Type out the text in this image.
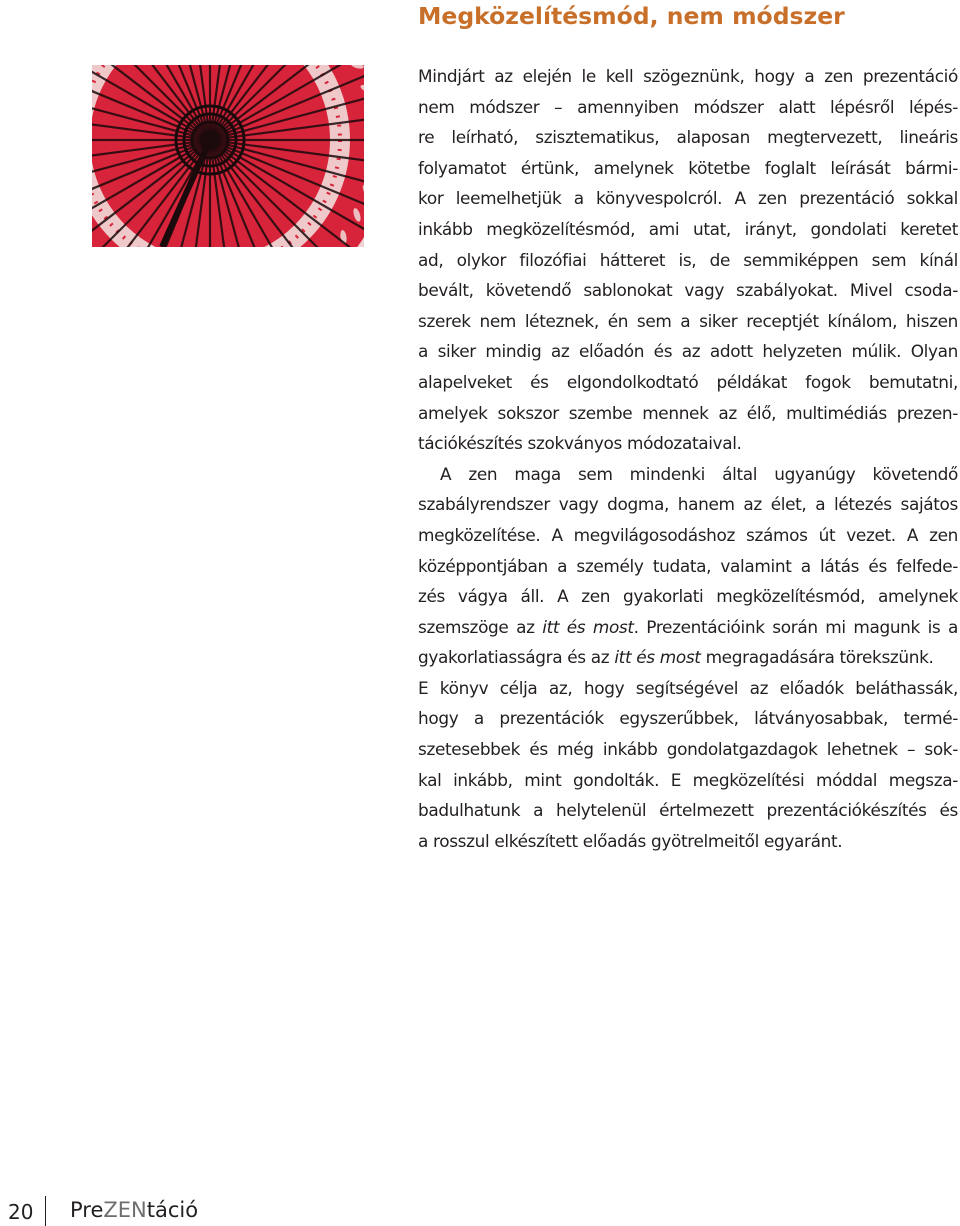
Megközelítésmód, nem módszer
Mindjárt az elején le kell szögeznünk, hogy a zen prezentáció
nem módszer – amennyiben módszer alatt lépésről lépés-
re leírható, szisztematikus, alaposan megtervezett, lineáris
folyamatot értünk, amelynek kötetbe foglalt leírását bármi-
kor leemelhetjük a könyvespolcról. A zen prezentáció sokkal
inkább megközelítésmód, ami utat, irányt, gondolati keretet
ad, olykor filozófiai hátteret is, de semmiképpen sem kínál
bevált, követendő sablonokat vagy szabályokat. Mivel csoda-
szerek nem léteznek, én sem a siker receptjét kínálom, hiszen
a siker mindig az előadón és az adott helyzeten múlik. Olyan
alapelveket és elgondolkodtató példákat fogok bemutatni,
amelyek sokszor szembe mennek az élő, multimédiás prezen-
tációkészítés szokványos módozataival.
A zen maga sem mindenki által ugyanúgy követendő
szabályrendszer vagy dogma, hanem az élet, a létezés sajátos
megközelítése. A megvilágosodáshoz számos út vezet. A zen
középpontjában a személy tudata, valamint a látás és felfede-
zés vágya áll. A zen gyakorlati megközelítésmód, amelynek
szemszöge az itt és most. Prezentációink során mi magunk is a
gyakorlatiasságra és az itt és most megragadására törekszünk.
E könyv célja az, hogy segítségével az előadók beláthassák,
hogy a prezentációk egyszerűbbek, látványosabbak, termé-
szetesebbek és még inkább gondolatgazdagok lehetnek – sok-
kal inkább, mint gondolták. E megközelítési móddal megsza-
badulhatunk a helytelenül értelmezett prezentációkészítés és
a rosszul elkészített előadás gyötrelmeitől egyaránt.
20 PreZENtáció
